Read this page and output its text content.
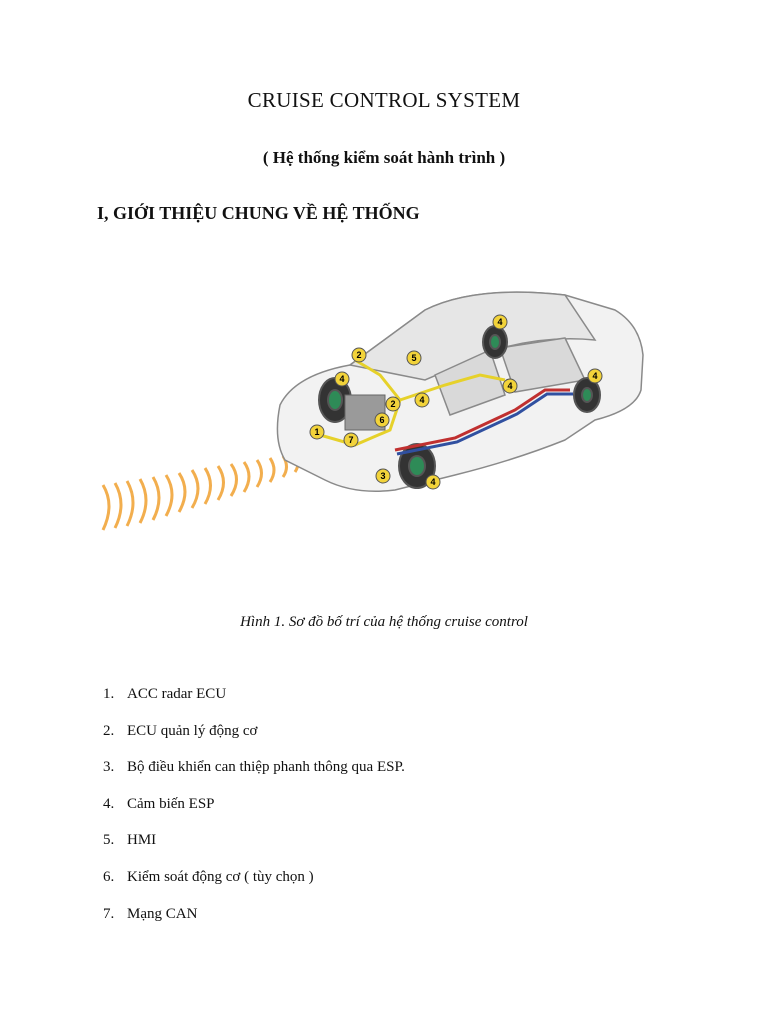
CRUISE CONTROL SYSTEM
( Hệ thống kiểm soát hành trình )
I, GIỚI THIỆU CHUNG VỀ HỆ THỐNG
1
2
2
3
4
4
4
4
4
4
5
6
7
Hình 1. Sơ đồ bố trí của hệ thống cruise control
1. ACC radar ECU
2. ECU quản lý động cơ
3. Bộ điều khiển can thiệp phanh thông qua ESP.
4. Cảm biến ESP
5. HMI
6. Kiểm soát động cơ ( tùy chọn )
7. Mạng CAN
